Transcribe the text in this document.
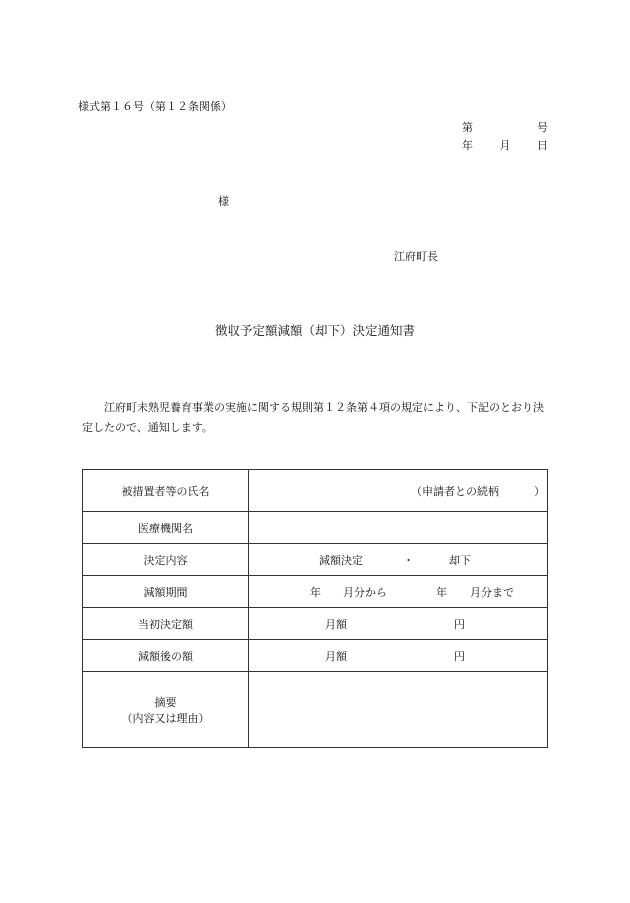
様式第１６号（第１２条関係）
第	号
年 月 日
様
江府町長
徴収予定額減額（却下）決定通知書
江府町未熟児養育事業の実施に関する規則第１２条第４項の規定により、下記のとおり決定したので、通知します。
被措置者等の氏名	（申請者との続柄 ）

医療機関名	
決定内容	減額決定 ・ 却下

減額期間	年 月分から 年 月分まで

当初決定額	月額 円

減額後の額	月額 円

摘要
（内容又は理由）	
